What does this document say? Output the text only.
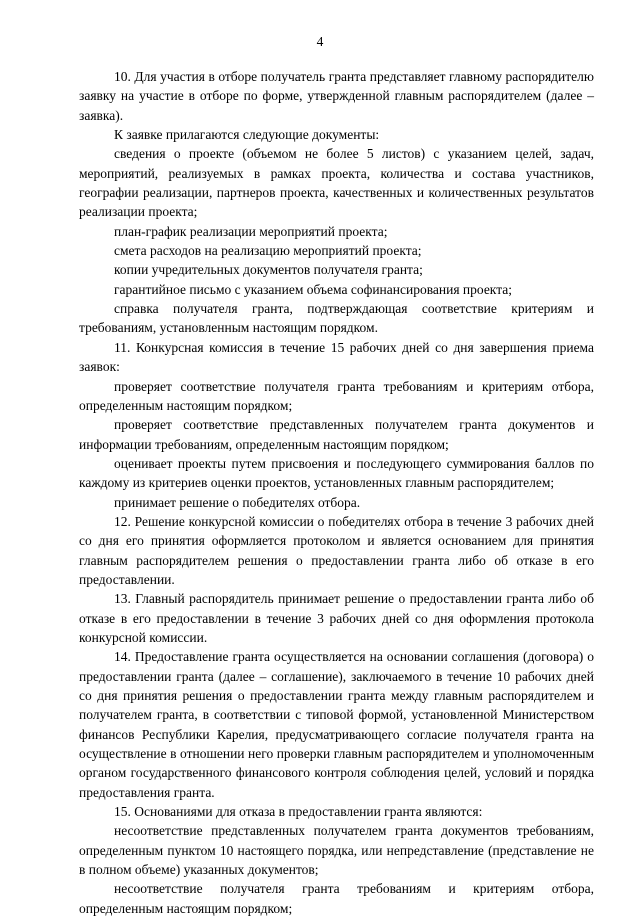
4

10. Для участия в отборе получатель гранта представляет главному распорядителю заявку на участие в отборе по форме, утвержденной главным распорядителем (далее – заявка).

К заявке прилагаются следующие документы:

сведения о проекте (объемом не более 5 листов) с указанием целей, задач, мероприятий, реализуемых в рамках проекта, количества и состава участников, географии реализации, партнеров проекта, качественных и количественных результатов реализации проекта;

план-график реализации мероприятий проекта;

смета расходов на реализацию мероприятий проекта;

копии учредительных документов получателя гранта;

гарантийное письмо с указанием объема софинансирования проекта;

справка получателя гранта, подтверждающая соответствие критериям и требованиям, установленным настоящим порядком.

11. Конкурсная комиссия в течение 15 рабочих дней со дня завершения приема заявок:

проверяет соответствие получателя гранта требованиям и критериям отбора, определенным настоящим порядком;

проверяет соответствие представленных получателем гранта документов и информации требованиям, определенным настоящим порядком;

оценивает проекты путем присвоения и последующего суммирования баллов по каждому из критериев оценки проектов, установленных главным распорядителем;

принимает решение о победителях отбора.

12. Решение конкурсной комиссии о победителях отбора в течение 3 рабочих дней со дня его принятия оформляется протоколом и является основанием для принятия главным распорядителем решения о предоставлении гранта либо об отказе в его предоставлении.

13. Главный распорядитель принимает решение о предоставлении гранта либо об отказе в его предоставлении в течение 3 рабочих дней со дня оформления протокола конкурсной комиссии.

14. Предоставление гранта осуществляется на основании соглашения (договора) о предоставлении гранта (далее – соглашение), заключаемого в течение 10 рабочих дней со дня принятия решения о предоставлении гранта между главным распорядителем и получателем гранта, в соответствии с типовой формой, установленной Министерством финансов Республики Карелия, предусматривающего согласие получателя гранта на осуществление в отношении него проверки главным распорядителем и уполномоченным органом государственного финансового контроля соблюдения целей, условий и порядка предоставления гранта.

15. Основаниями для отказа в предоставлении гранта являются:

несоответствие представленных получателем гранта документов требованиям, определенным пунктом 10 настоящего порядка, или непредставление (представление не в полном объеме) указанных документов;

несоответствие получателя гранта требованиям и критериям отбора, определенным настоящим порядком;
